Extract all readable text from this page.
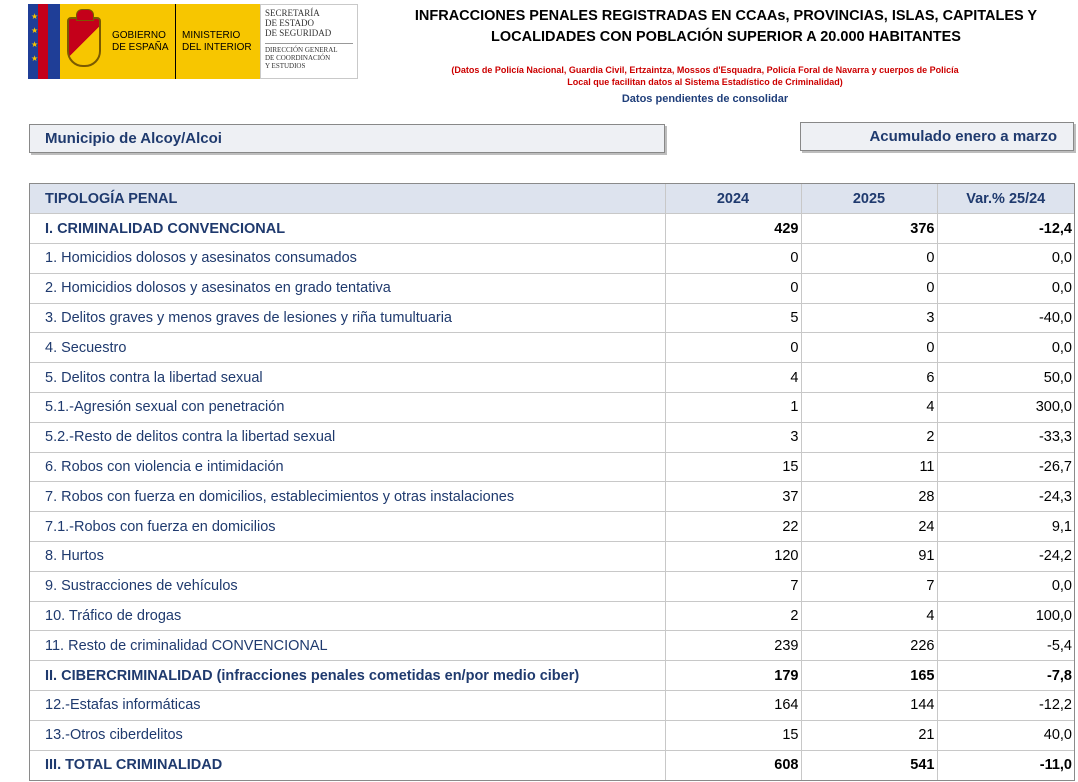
★
★
★
★
GOBIERNO
DE ESPAÑA
MINISTERIO
DEL INTERIOR
SECRETARÍA
DE ESTADO
DE SEGURIDAD
DIRECCIÓN GENERAL
DE COORDINACIÓN
Y ESTUDIOS
INFRACCIONES PENALES REGISTRADAS EN CCAAs, PROVINCIAS, ISLAS, CAPITALES Y
LOCALIDADES CON POBLACIÓN SUPERIOR A 20.000 HABITANTES
(Datos de Policía Nacional, Guardia Civil, Ertzaintza, Mossos d'Esquadra, Policía Foral de Navarra y cuerpos de Policía
Local que facilitan datos al Sistema Estadístico de Criminalidad)
Datos pendientes de consolidar
Municipio de Alcoy/Alcoi	Acumulado enero a marzo
TIPOLOGÍA PENAL	2024	2025	Var.% 25/24
I. CRIMINALIDAD CONVENCIONAL	429	376	-12,4
1. Homicidios dolosos y asesinatos consumados	0	0	0,0
2. Homicidios dolosos y asesinatos en grado tentativa	0	0	0,0
3. Delitos graves y menos graves de lesiones y riña tumultuaria	5	3	-40,0
4. Secuestro	0	0	0,0
5. Delitos contra la libertad sexual	4	6	50,0
5.1.-Agresión sexual con penetración	1	4	300,0
5.2.-Resto de delitos contra la libertad sexual	3	2	-33,3
6. Robos con violencia e intimidación	15	11	-26,7
7. Robos con fuerza en domicilios, establecimientos y otras instalaciones	37	28	-24,3
7.1.-Robos con fuerza en domicilios	22	24	9,1
8. Hurtos	120	91	-24,2
9. Sustracciones de vehículos	7	7	0,0
10. Tráfico de drogas	2	4	100,0
11. Resto de criminalidad CONVENCIONAL	239	226	-5,4
II. CIBERCRIMINALIDAD (infracciones penales cometidas en/por medio ciber)	179	165	-7,8
12.-Estafas informáticas	164	144	-12,2
13.-Otros ciberdelitos	15	21	40,0
III. TOTAL CRIMINALIDAD	608	541	-11,0
